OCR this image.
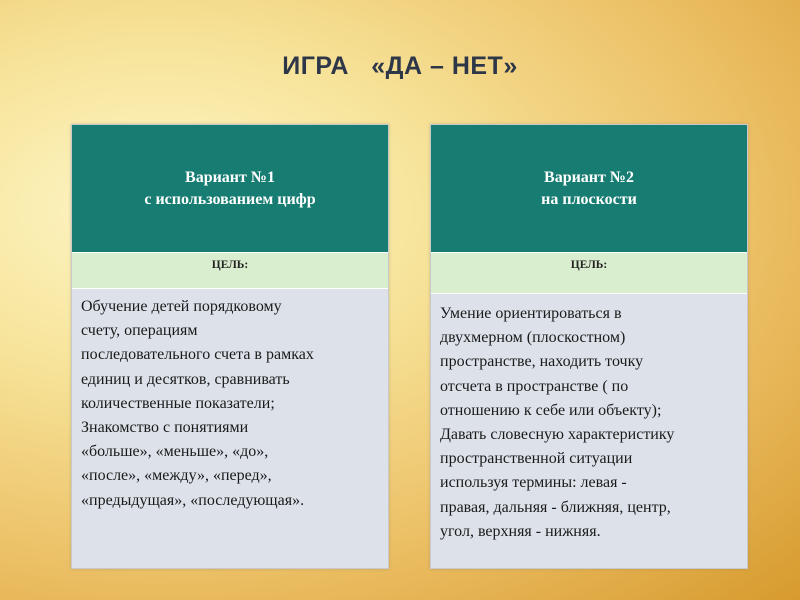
ИГРА   «ДА – НЕТ»
Вариант №1
с использованием цифр
ЦЕЛЬ:
Обучение детей порядковому
счету, операциям
последовательного счета в рамках
единиц и десятков, сравнивать
количественные показатели;
Знакомство с понятиями
«больше», «меньше», «до»,
«после», «между», «перед»,
«предыдущая», «последующая».
Вариант №2
на плоскости
ЦЕЛЬ:
Умение ориентироваться в
двухмерном (плоскостном)
пространстве, находить точку
отсчета в пространстве ( по
отношению к себе или объекту);
Давать словесную характеристику
пространственной ситуации
используя термины: левая -
правая, дальняя - ближняя, центр,
угол, верхняя - нижняя.
